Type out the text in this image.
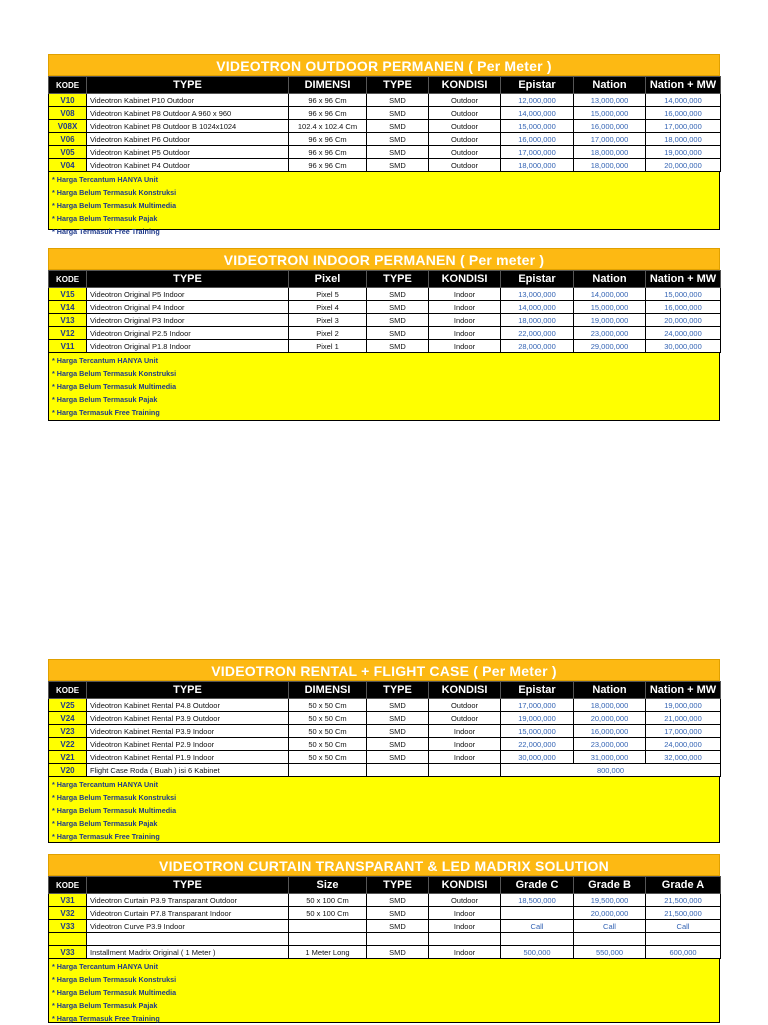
VIDEOTRON OUTDOOR PERMANEN ( Per Meter )
KODE	TYPE	DIMENSI	TYPE	KONDISI	Epistar	Nation	Nation + MW
V10	Videotron Kabinet P10 Outdoor	96 x 96 Cm	SMD	Outdoor	12,000,000	13,000,000	14,000,000
V08	Videotron Kabinet P8 Outdoor A 960 x 960	96 x 96 Cm	SMD	Outdoor	14,000,000	15,000,000	16,000,000
V08X	Videotron Kabinet P8 Outdoor B 1024x1024	102.4 x 102.4 Cm	SMD	Outdoor	15,000,000	16,000,000	17,000,000
V06	Videotron Kabinet P6 Outdoor	96 x 96 Cm	SMD	Outdoor	16,000,000	17,000,000	18,000,000
V05	Videotron Kabinet P5 Outdoor	96 x 96 Cm	SMD	Outdoor	17,000,000	18,000,000	19,000,000
V04	Videotron Kabinet P4 Outdoor	96 x 96 Cm	SMD	Outdoor	18,000,000	18,000,000	20,000,000
* Harga Tercantum HANYA Unit
* Harga Belum Termasuk Konstruksi
* Harga Belum Termasuk Multimedia
* Harga Belum Termasuk Pajak
* Harga Termasuk Free Training
VIDEOTRON INDOOR PERMANEN ( Per meter )
KODE	TYPE	Pixel	TYPE	KONDISI	Epistar	Nation	Nation + MW
V15	Videotron Original P5 Indoor	Pixel 5	SMD	Indoor	13,000,000	14,000,000	15,000,000
V14	Videotron Original P4 Indoor	Pixel 4	SMD	Indoor	14,000,000	15,000,000	16,000,000
V13	Videotron Original P3 Indoor	Pixel 3	SMD	Indoor	18,000,000	19,000,000	20,000,000
V12	Videotron Original P2.5 Indoor	Pixel 2	SMD	Indoor	22,000,000	23,000,000	24,000,000
V11	Videotron Original P1.8 Indoor	Pixel 1	SMD	Indoor	28,000,000	29,000,000	30,000,000
* Harga Tercantum HANYA Unit
* Harga Belum Termasuk Konstruksi
* Harga Belum Termasuk Multimedia
* Harga Belum Termasuk Pajak
* Harga Termasuk Free Training
VIDEOTRON RENTAL + FLIGHT CASE ( Per Meter )
KODE	TYPE	DIMENSI	TYPE	KONDISI	Epistar	Nation	Nation + MW
V25	Videotron Kabinet Rental P4.8 Outdoor	50 x 50 Cm	SMD	Outdoor	17,000,000	18,000,000	19,000,000
V24	Videotron Kabinet Rental P3.9 Outdoor	50 x 50 Cm	SMD	Outdoor	19,000,000	20,000,000	21,000,000
V23	Videotron Kabinet Rental P3.9 Indoor	50 x 50 Cm	SMD	Indoor	15,000,000	16,000,000	17,000,000
V22	Videotron Kabinet Rental P2.9 Indoor	50 x 50 Cm	SMD	Indoor	22,000,000	23,000,000	24,000,000
V21	Videotron Kabinet Rental P1.9 Indoor	50 x 50 Cm	SMD	Indoor	30,000,000	31,000,000	32,000,000
V20	Flight Case Roda ( Buah ) isi 6 Kabinet				800,000		
* Harga Tercantum HANYA Unit
* Harga Belum Termasuk Konstruksi
* Harga Belum Termasuk Multimedia
* Harga Belum Termasuk Pajak
* Harga Termasuk Free Training
VIDEOTRON CURTAIN TRANSPARANT & LED MADRIX SOLUTION
KODE	TYPE	Size	TYPE	KONDISI	Grade C	Grade B	Grade A
V31	Videotron Curtain P3.9 Transparant Outdoor	50 x 100 Cm	SMD	Outdoor	18,500,000	19,500,000	21,500,000
V32	Videotron Curtain P7.8 Transparant Indoor	50 x 100 Cm	SMD	Indoor		20,000,000	21,500,000
V33	Videotron Curve P3.9 Indoor		SMD	Indoor	Call	Call	Call

V33	Installment Madrix Original ( 1 Meter )	1 Meter Long	SMD	Indoor	500,000	550,000	600,000
* Harga Tercantum HANYA Unit
* Harga Belum Termasuk Konstruksi
* Harga Belum Termasuk Multimedia
* Harga Belum Termasuk Pajak
* Harga Termasuk Free Training
